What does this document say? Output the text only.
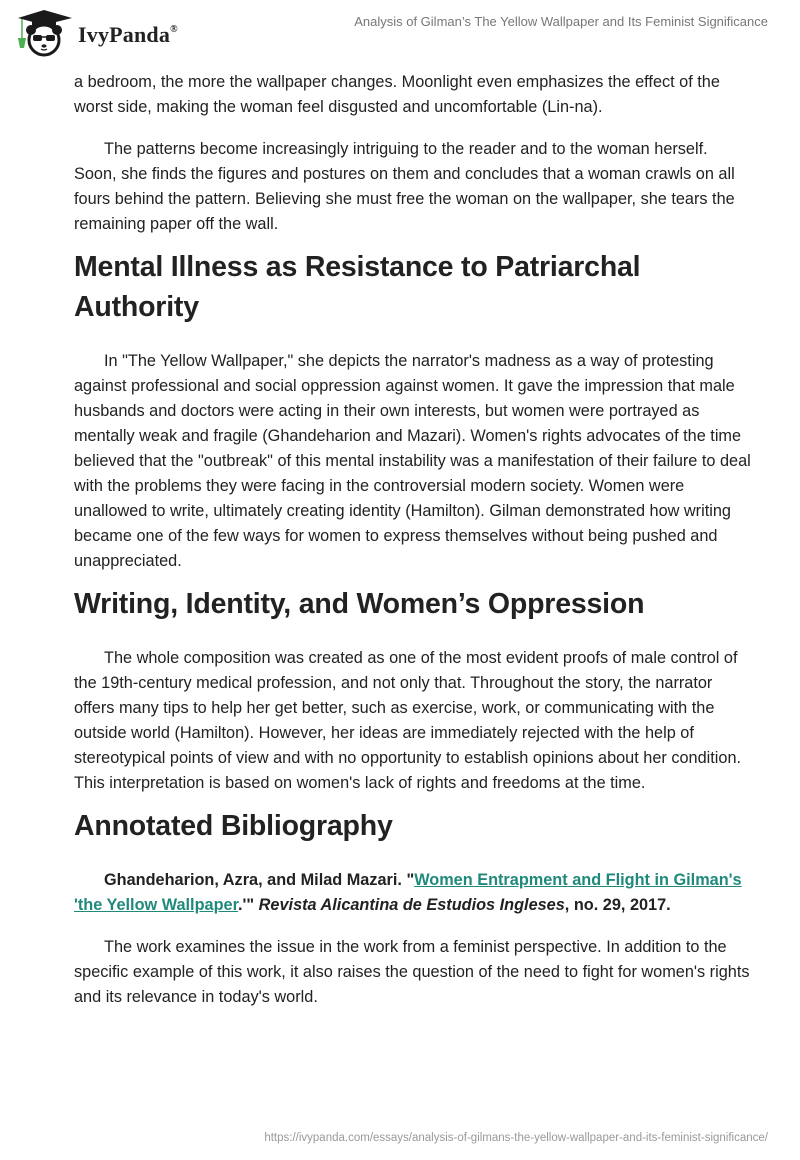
IvyPanda®
Analysis of Gilman’s The Yellow Wallpaper and Its Feminist Significance

a bedroom, the more the wallpaper changes. Moonlight even emphasizes the effect of the worst side, making the woman feel disgusted and uncomfortable (Lin-na).

The patterns become increasingly intriguing to the reader and to the woman herself. Soon, she finds the figures and postures on them and concludes that a woman crawls on all fours behind the pattern. Believing she must free the woman on the wallpaper, she tears the remaining paper off the wall.

Mental Illness as Resistance to Patriarchal Authority

In "The Yellow Wallpaper," she depicts the narrator's madness as a way of protesting against professional and social oppression against women. It gave the impression that male husbands and doctors were acting in their own interests, but women were portrayed as mentally weak and fragile (Ghandeharion and Mazari). Women's rights advocates of the time believed that the "outbreak" of this mental instability was a manifestation of their failure to deal with the problems they were facing in the controversial modern society. Women were unallowed to write, ultimately creating identity (Hamilton). Gilman demonstrated how writing became one of the few ways for women to express themselves without being pushed and unappreciated.

Writing, Identity, and Women’s Oppression

The whole composition was created as one of the most evident proofs of male control of the 19th-century medical profession, and not only that. Throughout the story, the narrator offers many tips to help her get better, such as exercise, work, or communicating with the outside world (Hamilton). However, her ideas are immediately rejected with the help of stereotypical points of view and with no opportunity to establish opinions about her condition. This interpretation is based on women's lack of rights and freedoms at the time.

Annotated Bibliography

Ghandeharion, Azra, and Milad Mazari. "Women Entrapment and Flight in Gilman's 'the Yellow Wallpaper.'" Revista Alicantina de Estudios Ingleses, no. 29, 2017.

The work examines the issue in the work from a feminist perspective. In addition to the specific example of this work, it also raises the question of the need to fight for women's rights and its relevance in today's world.

https://ivypanda.com/essays/analysis-of-gilmans-the-yellow-wallpaper-and-its-feminist-significance/
